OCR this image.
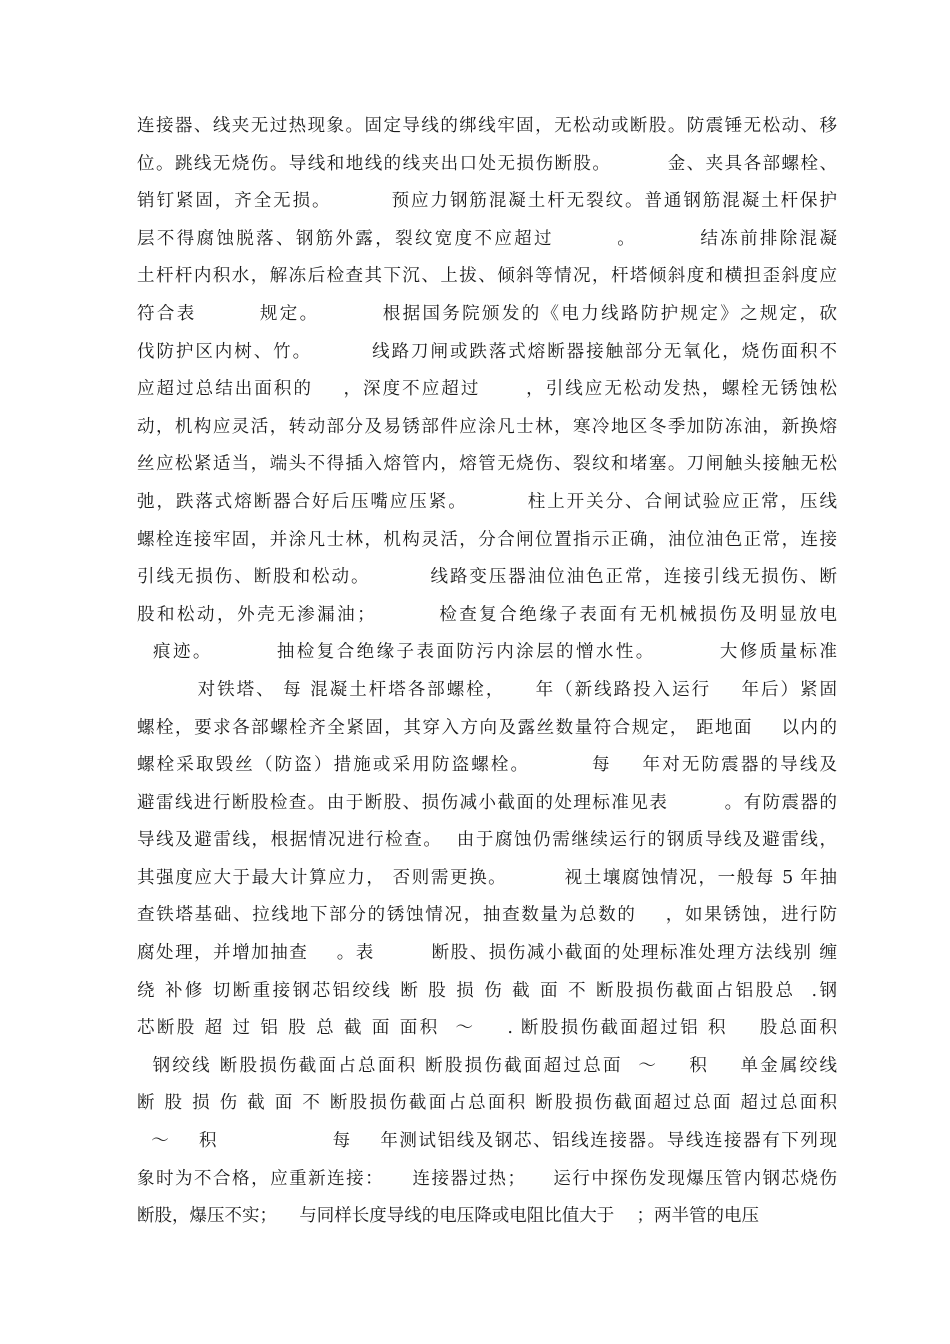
连接器、线夹无过热现象。固定导线的绑线牢固，无松动或断股。防震锤无松动、移
位。跳线无烧伤。导线和地线的线夹出口处无损伤断股。        金、夹具各部螺栓、
销钉紧固，齐全无损。        预应力钢筋混凝土杆无裂纹。普通钢筋混凝土杆保护
层不得腐蚀脱落、钢筋外露，裂纹宽度不应超过        。        结冻前排除混凝
土杆杆内积水，解冻后检查其下沉、上拔、倾斜等情况，杆塔倾斜度和横担歪斜度应
符合表        规定。        根据国务院颁发的《电力线路防护规定》之规定，砍
伐防护区内树、竹。        线路刀闸或跌落式熔断器接触部分无氧化，烧伤面积不
应超过总结出面积的    ，深度不应超过      ，引线应无松动发热，螺栓无锈蚀松
动，机构应灵活，转动部分及易锈部件应涂凡士林，寒冷地区冬季加防冻油，新换熔
丝应松紧适当，端头不得插入熔管内，熔管无烧伤、裂纹和堵塞。刀闸触头接触无松
弛，跌落式熔断器合好后压嘴应压紧。        柱上开关分、合闸试验应正常，压线
螺栓连接牢固，并涂凡士林，机构灵活，分合闸位置指示正确，油位油色正常，连接
引线无损伤、断股和松动。        线路变压器油位油色正常，连接引线无损伤、断
股和松动，外壳无渗漏油；        检查复合绝缘子表面有无机械损伤及明显放电
痕迹。        抽检复合绝缘子表面防污内涂层的憎水性。        大修质量标准
对铁塔、 每 混凝土杆塔各部螺栓，    年（新线路投入运行    年后）紧固
螺栓，要求各部螺栓齐全紧固，其穿入方向及露丝数量符合规定， 距地面    以内的
螺栓采取毁丝（防盗）措施或采用防盗螺栓。        每    年对无防震器的导线及
避雷线进行断股检查。由于断股、损伤减小截面的处理标准见表        。有防震器的
导线及避雷线，根据情况进行检查。  由于腐蚀仍需继续运行的钢质导线及避雷线，
其强度应大于最大计算应力， 否则需更换。        视土壤腐蚀情况，一般每 5 年抽
查铁塔基础、拉线地下部分的锈蚀情况，抽查数量为总数的    ，如果锈蚀，进行防
腐处理，并增加抽查    。表        断股、损伤减小截面的处理标准处理方法线别 缠
绕 补修 切断重接钢芯铝绞线 断 股 损 伤 截 面 不 断股损伤截面占铝股总  .钢
芯断股 超 过 铝 股 总 截 面 面积  ～    . 断股损伤截面超过铝 积    股总面积
钢绞线 断股损伤截面占总面积 断股损伤截面超过总面  ～    积    单金属绞线
断 股 损 伤 截 面 不 断股损伤截面占总面积 断股损伤截面超过总面 超过总面积
～    积                每    年测试铝线及钢芯、铝线连接器。导线连接器有下列现
象时为不合格，应重新连接：    连接器过热；    运行中探伤发现爆压管内钢芯烧伤
断股，爆压不实；    与同样长度导线的电压降或电阻比值大于    ；两半管的电压
